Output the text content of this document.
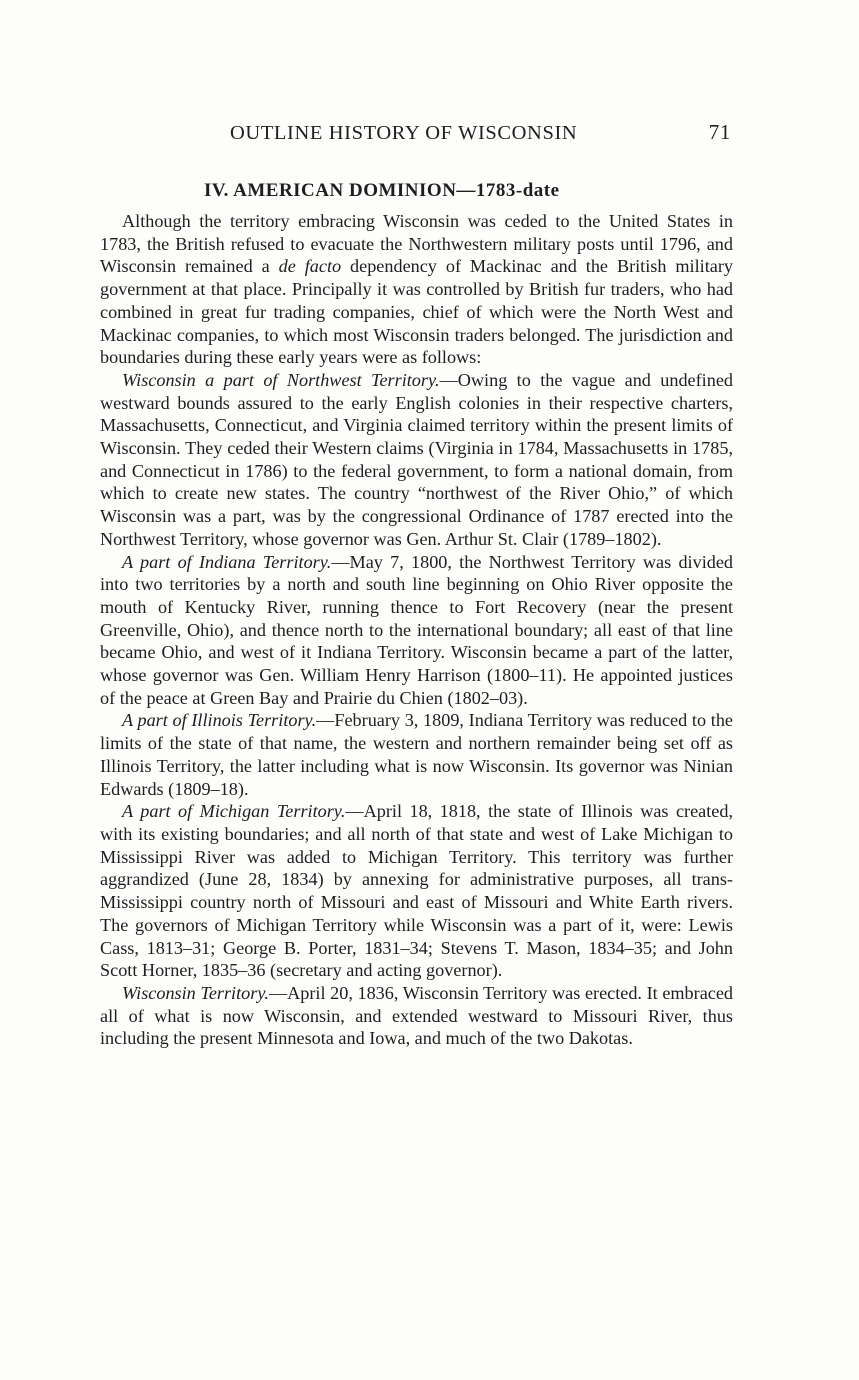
OUTLINE HISTORY OF WISCONSIN	71
IV. AMERICAN DOMINION—1783-date

Although the territory embracing Wisconsin was ceded to the United States in 1783, the British refused to evacuate the Northwestern military posts until 1796, and Wisconsin remained a de facto dependency of Mackinac and the British military government at that place. Principally it was controlled by British fur traders, who had combined in great fur trading companies, chief of which were the North West and Mackinac companies, to which most Wisconsin traders belonged. The jurisdiction and boundaries during these early years were as follows:

Wisconsin a part of Northwest Territory.—Owing to the vague and undefined westward bounds assured to the early English colonies in their respective charters, Massachusetts, Connecticut, and Virginia claimed territory within the present limits of Wisconsin. They ceded their Western claims (Virginia in 1784, Massachusetts in 1785, and Connecticut in 1786) to the federal government, to form a national domain, from which to create new states. The country “northwest of the River Ohio,” of which Wisconsin was a part, was by the congressional Ordinance of 1787 erected into the Northwest Territory, whose governor was Gen. Arthur St. Clair (1789–1802).

A part of Indiana Territory.—May 7, 1800, the Northwest Territory was divided into two territories by a north and south line beginning on Ohio River opposite the mouth of Kentucky River, running thence to Fort Recovery (near the present Greenville, Ohio), and thence north to the international boundary; all east of that line became Ohio, and west of it Indiana Territory. Wisconsin became a part of the latter, whose governor was Gen. William Henry Harrison (1800–11). He appointed justices of the peace at Green Bay and Prairie du Chien (1802–03).

A part of Illinois Territory.—February 3, 1809, Indiana Territory was reduced to the limits of the state of that name, the western and northern remainder being set off as Illinois Territory, the latter including what is now Wisconsin. Its governor was Ninian Edwards (1809–18).

A part of Michigan Territory.—April 18, 1818, the state of Illinois was created, with its existing boundaries; and all north of that state and west of Lake Michigan to Mississippi River was added to Michigan Territory. This territory was further aggrandized (June 28, 1834) by annexing for administrative purposes, all trans-Mississippi country north of Missouri and east of Missouri and White Earth rivers. The governors of Michigan Territory while Wisconsin was a part of it, were: Lewis Cass, 1813–31; George B. Porter, 1831–34; Stevens T. Mason, 1834–35; and John Scott Horner, 1835–36 (secretary and acting governor).

Wisconsin Territory.—April 20, 1836, Wisconsin Territory was erected. It embraced all of what is now Wisconsin, and extended westward to Missouri River, thus including the present Minnesota and Iowa, and much of the two Dakotas.
